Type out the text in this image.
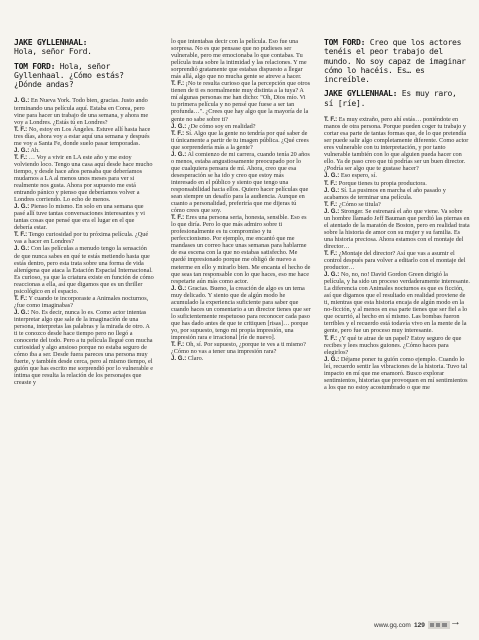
JAKE GYLLENHAAL:
Hola, señor Ford.
TOM FORD: Hola, señor Gyllenhaal. ¿Cómo estás? ¿Dónde andas?

J. G.: En Nueva York. Todo bien, gracias. Justo ando terminando una película aquí. Estaba en Corea, pero vine para hacer un trabajo de una semana, y ahora me voy a Londres. ¿Estás tú en Londres?

T. F.: No, estoy en Los Ángeles. Estuve allí hasta hace tres días, ahora voy a estar aquí una semana y después me voy a Santa Fe, donde suelo pasar temporadas.

J. G.: Ah.

T. F.: … Voy a vivir en LA este año y me estoy volviendo loco. Tengo una casa aquí desde hace mucho tiempo, y desde hace años pensaba que deberíamos mudarnos a LA al menos unos meses para ver si realmente nos gusta. Ahora por supuesto me está entrando pánico y pienso que deberíamos volver a Londres corriendo. Lo echo de menos.

J. G.: Pienso lo mismo. En solo en una semana que pasé allí tuve tantas conversaciones interesantes y vi tantas cosas que pensé que era el lugar en el que debería estar.

T. F.: Tengo curiosidad por tu próxima película. ¿Qué vas a hacer en Londres?

J. G.: Con las películas a menudo tengo la sensación de que nunca sabes en qué te estás metiendo hasta que estás dentro, pero esta trata sobre una forma de vida alienígena que ataca la Estación Espacial Internacional. Es curioso, ya que la criatura existe en función de cómo reaccionas a ella, así que digamos que es un thriller psicológico en el espacio.

T. F.: Y cuando te incorporaste a Animales nocturnos, ¿fue como imaginabas?

J. G.: No. Es decir, nunca lo es. Como actor intentas interpretar algo que sale de la imaginación de una persona, interpretas las palabras y la mirada de otro. A ti te conozco desde hace tiempo pero no llegó a conocerte del todo. Pero a tu película llegué con mucha curiosidad y algo ansioso porque no estaba seguro de cómo iba a ser. Desde fuera pareces una persona muy fuerte, y también desde cerca, pero al mismo tiempo, el guión que has escrito me sorprendió por lo vulnerable e íntima que resulta la relación de los personajes que creaste y

lo que intentabas decir con la película. Eso fue una sorpresa. No es que pensase que no pudieses ser vulnerable, pero me emocionaba lo que contabas. Tu película trata sobre la intimidad y las relaciones. Y me sorprendió gratamente que estabas dispuesto a llegar más allá, algo que no mucha gente se atreve a hacer.

T. F.: ¡No te resulta curioso que la percepción que otros tienen de ti es normalmente muy distinta a la tuya? A mí algunas personas me han dicho: "Oh, Dios mío. Vi tu primera película y no pensé que fuese a ser tan profunda…". ¿Crees que hay algo que la mayoría de la gente no sabe sobre ti?

J. G.: ¿De cómo soy en realidad?

T. F.: Sí. Algo que la gente no tendría por qué saber de ti únicamente a partir de tu imagen pública. ¿Qué crees que sorprendería más a la gente?

J. G.: Al comienzo de mi carrera, cuando tenía 20 años o menos, estaba angustiosamente preocupado por lo que cualquiera pensara de mí. Ahora, creo que esa desesperación se ha ido y creo que estoy más interesado en el público y siento que tengo una responsabilidad hacia ellos. Quiero hacer películas que sean siempre un desafío para la audiencia. Aunque en cuanto a personalidad, preferiría que me dijeras tú cómo crees que soy.

T. F.: Eres una persona seria, honesta, sensible. Eso es lo que diría. Pero lo que más admiro sobre ti profesionalmente es tu compromiso y tu perfeccionismo. Por ejemplo, me encantó que me mandases un correo hace unas semanas para hablarme de esa escena con la que no estabas satisfecho. Me quedé impresionado porque me obligó de nuevo a meterme en ello y mirarlo bien. Me encanta el hecho de que seas tan responsable con lo que haces, eso me hace respetarte aún más como actor.

J. G.: Gracias. Bueno, la creación de algo es un tema muy delicado. Y siento que de algún modo he acumulado la experiencia suficiente para saber que cuando haces un comentario a un director tienes que ser lo suficientemente respetuoso para reconocer cada paso que has dado antes de que te critiquen [risas]… porque yo, por supuesto, tengo mi propia impresión, una impresión rara e irracional [ríe de nuevo].

T. F.: Oh, sí. Por supuesto, ¿porque te ves a ti mismo? ¿Cómo no vas a tener una impresión rara?

J. G.: Claro.

TOM FORD: Creo que los actores tenéis el peor trabajo del mundo. No soy capaz de imaginar cómo lo hacéis. Es… es increíble.
JAKE GYLLENHAAL: Es muy raro, sí [ríe].

T. F.: Es muy extraño, pero ahí estás… poniéndote en manos de otra persona. Porque pueden coger tu trabajo y cortar esa parte de tantas formas que, de lo que pretendía ser puede salir algo completamente diferente. Como actor eres vulnerable con tu interpretación, y por tanto vulnerable también con lo que alguien pueda hacer con ello. Ya de paso creo que tú podrías ser un buen director. ¿Podría ser algo que te gustase hacer?

J. G.: Eso espero, sí.

T. F.: Porque tienes tu propia productora.

J. G.: Sí. La pusimos en marcha el año pasado y acabamos de terminar una película.

T. F.: ¿Cómo se titula?

J. G.: Stronger. Se estrenará el año que viene. Va sobre un hombre llamado Jeff Bauman que perdió las piernas en el atentado de la maratón de Boston, pero en realidad trata sobre la historia de amor con su mujer y su familia. Es una historia preciosa. Ahora estamos con el montaje del director…

T. F.: ¿Montaje del director? Así que vas a asumir el control después para volver a editarlo con el montaje del productor…

J. G.: No, no, no! David Gordon Green dirigió la película, y ha sido un proceso verdaderamente interesante. La diferencia con Animales nocturnos es que es ficción, así que digamos que el resultado en realidad proviene de ti, mientras que esta historia encaja de algún modo en la no-ficción, y al menos en esa parte tienes que ser fiel a lo que ocurrió, al hecho en sí mismo. Las bombas fueron terribles y el recuerdo está todavía vivo en la mente de la gente, pero fue un proceso muy interesante.

T. F.: ¿Y qué te atrae de un papel? Estoy seguro de que recibes y lees muchos guiones. ¿Cómo haces para elegirlos?

J. G.: Déjame poner tu guión como ejemplo. Cuando lo leí, recuerdo sentir las vibraciones de la historia. Tuvo tal impacto en mí que me enamoró. Busco explorar sentimientos, historias que provoquen en mí sentimientos a los que no estoy acostumbrado o que me

www.gq.com 129 →
